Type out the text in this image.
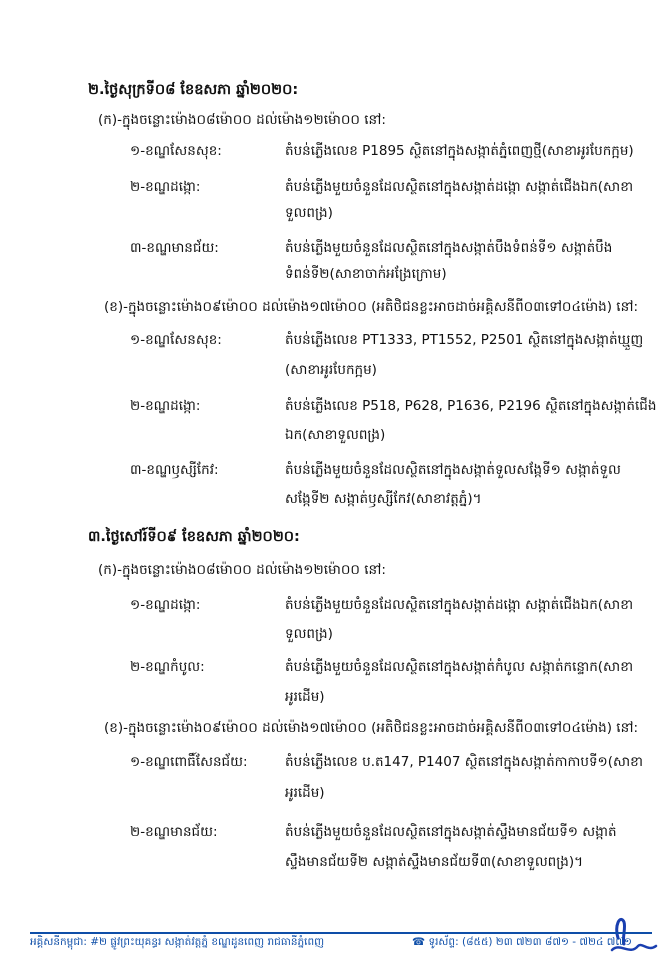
២.ថ្ងៃសុក្រទី០៨ ខែឧសភា ឆ្នាំ២០២០:
(ក)-ក្នុងចន្លោះម៉ោង០៨ម៉ោ០០ ដល់ម៉ោង១២ម៉ោ០០ នៅ:
១-ខណ្ឌសែនសុខ:	តំបន់ភ្លើងលេខ P1895 ស្ថិតនៅក្នុងសង្កាត់ភ្នំពេញថ្មី(សាខាអូរបែកក្អម)
២-ខណ្ឌដង្កោ:	តំបន់ភ្លើងមួយចំនួនដែលស្ថិតនៅក្នុងសង្កាត់ដង្កោ សង្កាត់ជើងឯក(សាខា
ទួលពង្រ)
៣-ខណ្ឌមានជ័យ:	តំបន់ភ្លើងមួយចំនួនដែលស្ថិតនៅក្នុងសង្កាត់បឹងទំពន់ទី១ សង្កាត់បឹង
ទំពន់ទី២(សាខាចាក់អង្រែក្រោម)
(ខ)-ក្នុងចន្លោះម៉ោង០៩ម៉ោ០០ ដល់ម៉ោង១៧ម៉ោ០០ (អតិថិជនខ្លះអាចដាច់អគ្គិសនីពី០៣ទៅ០៤ម៉ោង) នៅ:
១-ខណ្ឌសែនសុខ:	តំបន់ភ្លើងលេខ PT1333, PT1552, P2501 ស្ថិតនៅក្នុងសង្កាត់ឃ្មួញ
(សាខាអូរបែកក្អម)
២-ខណ្ឌដង្កោ:	តំបន់ភ្លើងលេខ P518, P628, P1636, P2196 ស្ថិតនៅក្នុងសង្កាត់ជើង
ឯក(សាខាទួលពង្រ)
៣-ខណ្ឌឫស្សីកែវ:	តំបន់ភ្លើងមួយចំនួនដែលស្ថិតនៅក្នុងសង្កាត់ទួលសង្កែទី១ សង្កាត់ទួល
សង្កែទី២ សង្កាត់ឫស្សីកែវ(សាខាវត្តភ្នំ)។
៣.ថ្ងៃសៅរ៍ទី០៩ ខែឧសភា ឆ្នាំ២០២០:
(ក)-ក្នុងចន្លោះម៉ោង០៨ម៉ោ០០ ដល់ម៉ោង១២ម៉ោ០០ នៅ:
១-ខណ្ឌដង្កោ:	តំបន់ភ្លើងមួយចំនួនដែលស្ថិតនៅក្នុងសង្កាត់ដង្កោ សង្កាត់ជើងឯក(សាខា
ទួលពង្រ)
២-ខណ្ឌកំបូល:	តំបន់ភ្លើងមួយចំនួនដែលស្ថិតនៅក្នុងសង្កាត់កំបូល សង្កាត់កន្ទោក(សាខា
អូរដើម)
(ខ)-ក្នុងចន្លោះម៉ោង០៩ម៉ោ០០ ដល់ម៉ោង១៧ម៉ោ០០ (អតិថិជនខ្លះអាចដាច់អគ្គិសនីពី០៣ទៅ០៤ម៉ោង) នៅ:
១-ខណ្ឌពោធិ៍សែនជ័យ:	តំបន់ភ្លើងលេខ ប.ត147, P1407 ស្ថិតនៅក្នុងសង្កាត់កាកាបទី១(សាខា
អូរដើម)
២-ខណ្ឌមានជ័យ:	តំបន់ភ្លើងមួយចំនួនដែលស្ថិតនៅក្នុងសង្កាត់ស្ទឹងមានជ័យទី១ សង្កាត់
ស្ទឹងមានជ័យទី២ សង្កាត់ស្ទឹងមានជ័យទី៣(សាខាទួលពង្រ)។
អគ្គិសនីកម្ពុជា: #២ ផ្លូវព្រះយុគន្ធរ សង្កាត់វត្តភ្នំ ខណ្ឌដូនពេញ រាជធានីភ្នំពេញ	☎ ទូរស័ព្ទ: (៨៥៥) ២៣ ៧២៣ ៨៧១ - ៧២៤ ៧៧១
